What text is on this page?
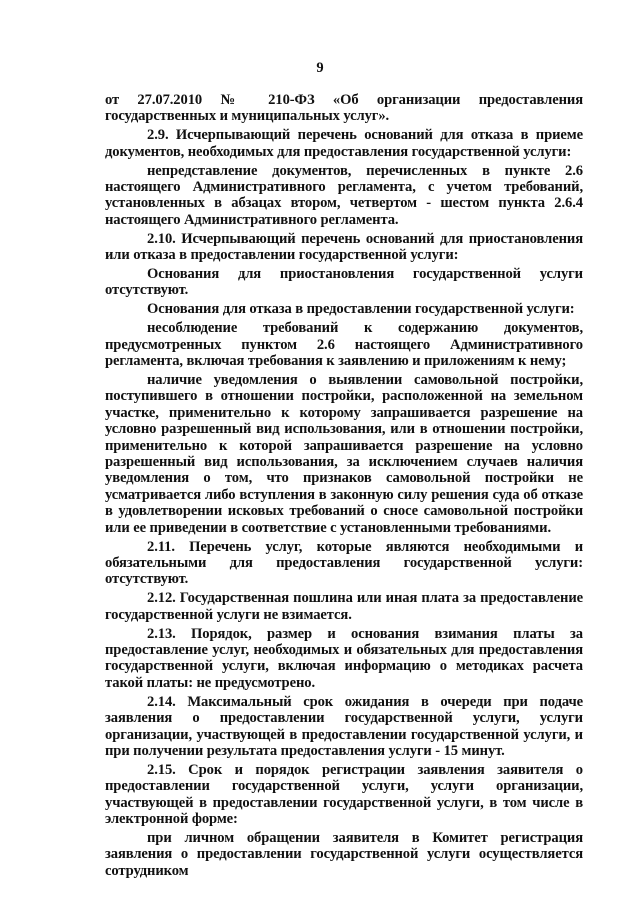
9

от 27.07.2010 № 210-ФЗ «Об организации предоставления государственных и муниципальных услуг».

2.9. Исчерпывающий перечень оснований для отказа в приеме документов, необходимых для предоставления государственной услуги:

непредставление документов, перечисленных в пункте 2.6 настоящего Административного регламента, с учетом требований, установленных в абзацах втором, четвертом - шестом пункта 2.6.4 настоящего Административного регламента.

2.10. Исчерпывающий перечень оснований для приостановления или отказа в предоставлении государственной услуги:

Основания для приостановления государственной услуги отсутствуют.

Основания для отказа в предоставлении государственной услуги:

несоблюдение требований к содержанию документов, предусмотренных пунктом 2.6 настоящего Административного регламента, включая требования к заявлению и приложениям к нему;

наличие уведомления о выявлении самовольной постройки, поступившего в отношении постройки, расположенной на земельном участке, применительно к которому запрашивается разрешение на условно разрешенный вид использования, или в отношении постройки, применительно к которой запрашивается разрешение на условно разрешенный вид использования, за исключением случаев наличия уведомления о том, что признаков самовольной постройки не усматривается либо вступления в законную силу решения суда об отказе в удовлетворении исковых требований о сносе самовольной постройки или ее приведении в соответствие с установленными требованиями.

2.11. Перечень услуг, которые являются необходимыми и обязательными для предоставления государственной услуги: отсутствуют.

2.12. Государственная пошлина или иная плата за предоставление государственной услуги не взимается.

2.13. Порядок, размер и основания взимания платы за предоставление услуг, необходимых и обязательных для предоставления государственной услуги, включая информацию о методиках расчета такой платы: не предусмотрено.

2.14. Максимальный срок ожидания в очереди при подаче заявления о предоставлении государственной услуги, услуги организации, участвующей в предоставлении государственной услуги, и при получении результата предоставления услуги - 15 минут.

2.15. Срок и порядок регистрации заявления заявителя о предоставлении государственной услуги, услуги организации, участвующей в предоставлении государственной услуги, в том числе в электронной форме:

при личном обращении заявителя в Комитет регистрация заявления о предоставлении государственной услуги осуществляется сотрудником
